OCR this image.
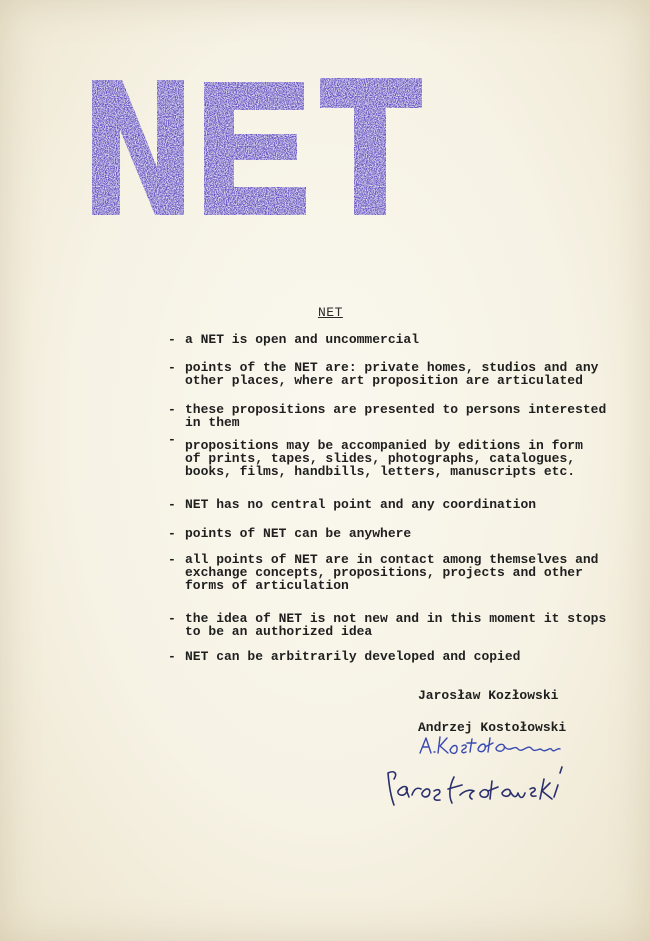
NET
- a NET is open and uncommercial
- points of the NET are: private homes, studios and any
other places, where art proposition are articulated
- these propositions are presented to persons interested
in them
- propositions may be accompanied by editions in form
of prints, tapes, slides, photographs, catalogues,
books, films, handbills, letters, manuscripts etc.
- NET has no central point and any coordination
- points of NET can be anywhere
- all points of NET are in contact among themselves and
exchange concepts, propositions, projects and other
forms of articulation
- the idea of NET is not new and in this moment it stops
to be an authorized idea
- NET can be arbitrarily developed and copied
Jarosław Kozłowski
Andrzej Kostołowski
